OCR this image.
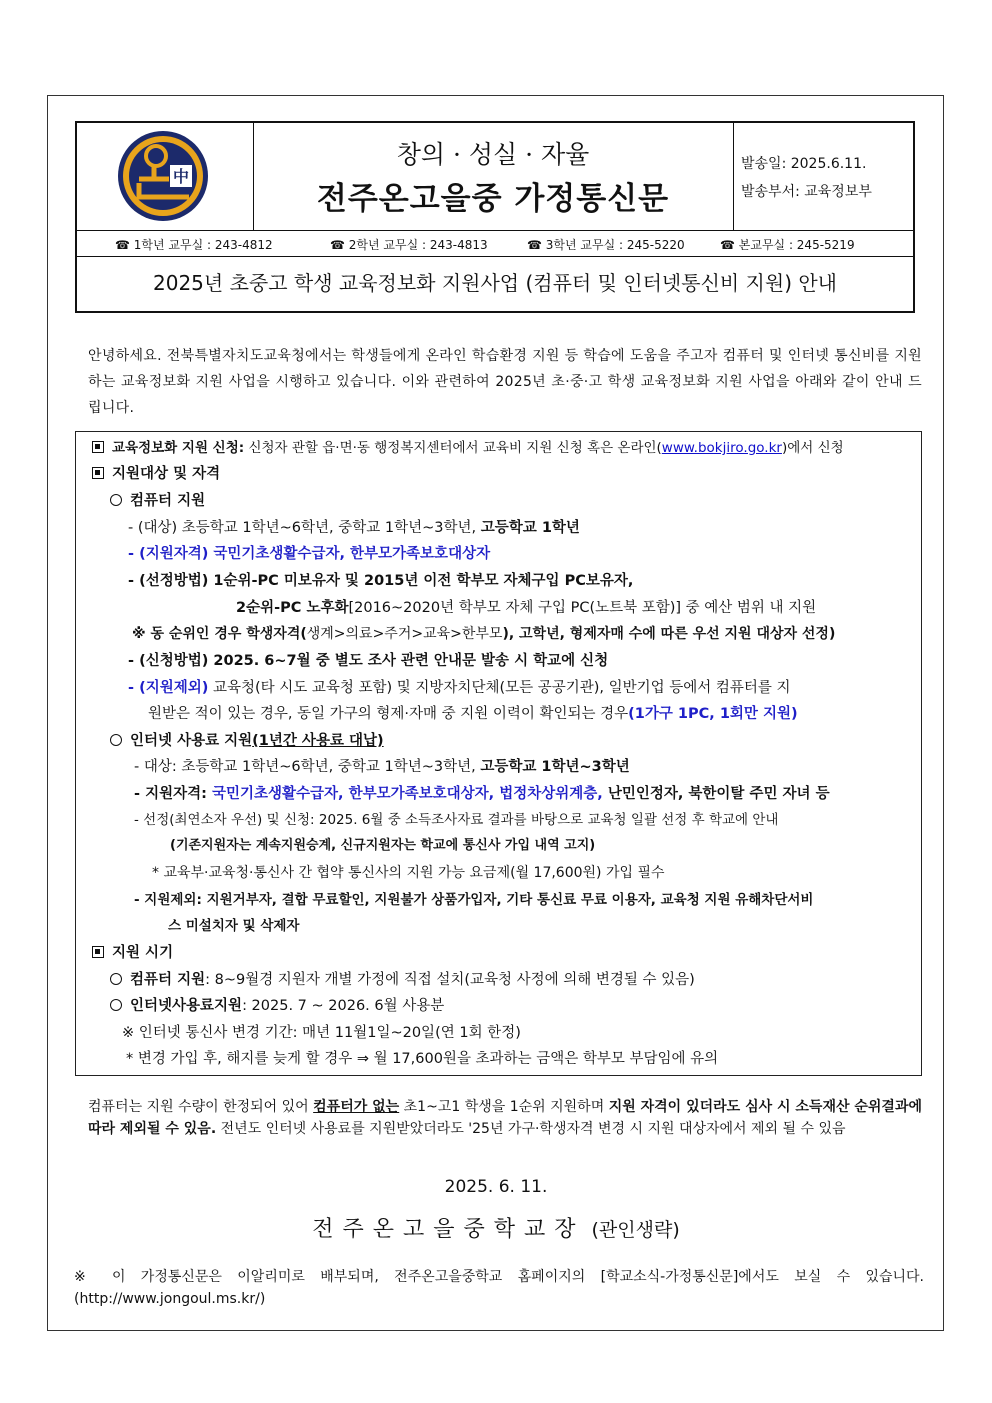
中
창의 · 성실 · 자율
전주온고을중 가정통신문
발송일: 2025.6.11.
발송부서: 교육정보부
☎ 1학년 교무실 : 243-4812	☎ 2학년 교무실 : 243-4813	☎ 3학년 교무실 : 245-5220	☎ 본교무실 : 245-5219
2025년 초중고 학생 교육정보화 지원사업 (컴퓨터 및 인터넷통신비 지원) 안내
안녕하세요. 전북특별자치도교육청에서는 학생들에게 온라인 학습환경 지원 등 학습에 도움을 주고자 컴퓨터 및 인터넷 통신비를 지원하는 교육정보화 지원 사업을 시행하고 있습니다. 이와 관련하여 2025년 초·중·고 학생 교육정보화 지원 사업을 아래와 같이 안내 드립니다.
교육정보화 지원 신청: 신청자 관할 읍·면·동 행정복지센터에서 교육비 지원 신청 혹은 온라인(www.bokjiro.go.kr)에서 신청
지원대상 및 자격
컴퓨터 지원
- (대상) 초등학교 1학년~6학년, 중학교 1학년~3학년, 고등학교 1학년
- (지원자격) 국민기초생활수급자, 한부모가족보호대상자
- (선정방법) 1순위-PC 미보유자 및 2015년 이전 학부모 자체구입 PC보유자,
2순위-PC 노후화[2016~2020년 학부모 자체 구입 PC(노트북 포함)] 중 예산 범위 내 지원
※ 동 순위인 경우 학생자격(생계>의료>주거>교육>한부모), 고학년, 형제자매 수에 따른 우선 지원 대상자 선정)
- (신청방법) 2025. 6~7월 중 별도 조사 관련 안내문 발송 시 학교에 신청
- (지원제외) 교육청(타 시도 교육청 포함) 및 지방자치단체(모든 공공기관), 일반기업 등에서 컴퓨터를 지
원받은 적이 있는 경우, 동일 가구의 형제·자매 중 지원 이력이 확인되는 경우(1가구 1PC, 1회만 지원)
인터넷 사용료 지원(1년간 사용료 대납)
- 대상: 초등학교 1학년~6학년, 중학교 1학년~3학년, 고등학교 1학년~3학년
- 지원자격: 국민기초생활수급자, 한부모가족보호대상자, 법정차상위계층, 난민인정자, 북한이탈 주민 자녀 등
- 선정(최연소자 우선) 및 신청: 2025. 6월 중 소득조사자료 결과를 바탕으로 교육청 일괄 선정 후 학교에 안내
(기존지원자는 계속지원승계, 신규지원자는 학교에 통신사 가입 내역 고지)
* 교육부·교육청·통신사 간 협약 통신사의 지원 가능 요금제(월 17,600원) 가입 필수
- 지원제외: 지원거부자, 결합 무료할인, 지원불가 상품가입자, 기타 통신료 무료 이용자, 교육청 지원 유해차단서비
스 미설치자 및 삭제자
지원 시기
컴퓨터 지원: 8~9월경 지원자 개별 가정에 직접 설치(교육청 사정에 의해 변경될 수 있음)
인터넷사용료지원: 2025. 7 ~ 2026. 6월 사용분
※ 인터넷 통신사 변경 기간: 매년 11월1일~20일(연 1회 한정)
* 변경 가입 후, 해지를 늦게 할 경우 ⇒ 월 17,600원을 초과하는 금액은 학부모 부담임에 유의
컴퓨터는 지원 수량이 한정되어 있어 컴퓨터가 없는 초1~고1 학생을 1순위 지원하며 지원 자격이 있더라도 심사 시 소득재산 순위결과에 따라 제외될 수 있음. 전년도 인터넷 사용료를 지원받았더라도 '25년 가구·학생자격 변경 시 지원 대상자에서 제외 될 수 있음
2025. 6. 11.
전주온고을중학교장 (관인생략)
※ 이 가정통신문은 이알리미로 배부되며, 전주온고을중학교 홈페이지의 [학교소식-가정통신문]에서도 보실 수 있습니다.(http://www.jongoul.ms.kr/)
